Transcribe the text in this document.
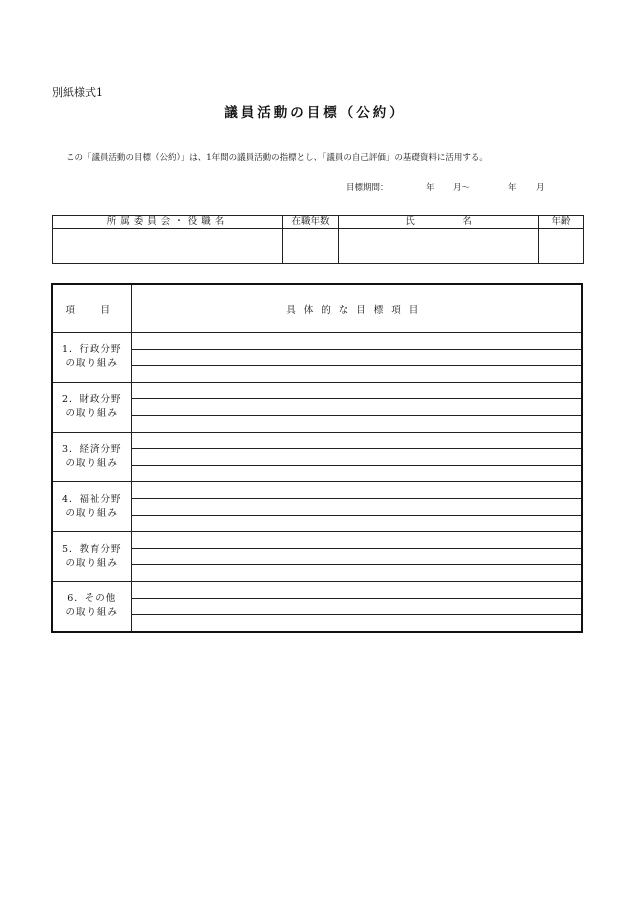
別紙様式1
議員活動の目標（公約）
この「議員活動の目標（公約）」は、1年間の議員活動の指標とし、「議員の自己評価」の基礎資料に活用する。
目標期間：	年 月〜	年 月
所属委員会・役職名	在職年数	氏　　　　　名	年齢

項　目	具体的な目標項目
1．行政分野
の取り組み	

2．財政分野
の取り組み	

3．経済分野
の取り組み	

4．福祉分野
の取り組み	

5．教育分野
の取り組み	

6．その他
の取り組み	
